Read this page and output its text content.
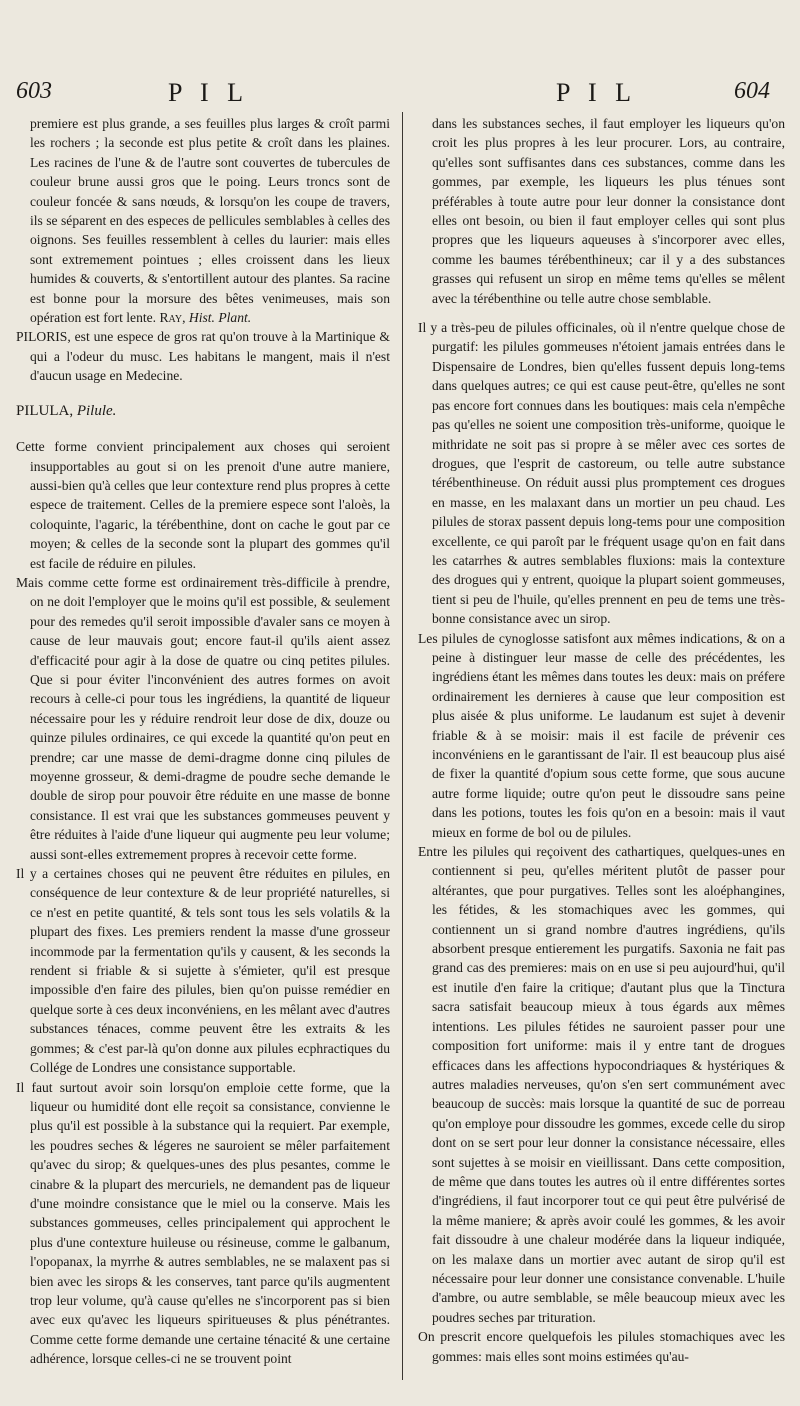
603	P I L	P I L	604

premiere est plus grande, a ses feuilles plus larges & croît parmi les rochers ; la seconde est plus petite & croît dans les plaines. Les racines de l'une & de l'autre sont couvertes de tubercules de couleur brune aussi gros que le poing. Leurs troncs sont de couleur foncée & sans nœuds, & lorsqu'on les coupe de travers, ils se séparent en des especes de pellicules semblables à celles des oignons. Ses feuilles ressemblent à celles du laurier: mais elles sont extremement pointues ; elles croissent dans les lieux humides & couverts, & s'entortillent autour des plantes. Sa racine est bonne pour la morsure des bêtes venimeuses, mais son opération est fort lente. Ray, Hist. Plant.

PILORIS, est une espece de gros rat qu'on trouve à la Martinique & qui a l'odeur du musc. Les habitans le mangent, mais il n'est d'aucun usage en Medecine.

PILULA, Pilule.

Cette forme convient principalement aux choses qui seroient insupportables au gout si on les prenoit d'une autre maniere, aussi-bien qu'à celles que leur contexture rend plus propres à cette espece de traitement. Celles de la premiere espece sont l'aloès, la coloquinte, l'agaric, la térébenthine, dont on cache le gout par ce moyen; & celles de la seconde sont la plupart des gommes qu'il est facile de réduire en pilules.

Mais comme cette forme est ordinairement très-difficile à prendre, on ne doit l'employer que le moins qu'il est possible, & seulement pour des remedes qu'il seroit impossible d'avaler sans ce moyen à cause de leur mauvais gout; encore faut-il qu'ils aient assez d'efficacité pour agir à la dose de quatre ou cinq petites pilules. Que si pour éviter l'inconvénient des autres formes on avoit recours à celle-ci pour tous les ingrédiens, la quantité de liqueur nécessaire pour les y réduire rendroit leur dose de dix, douze ou quinze pilules ordinaires, ce qui excede la quantité qu'on peut en prendre; car une masse de demi-dragme donne cinq pilules de moyenne grosseur, & demi-dragme de poudre seche demande le double de sirop pour pouvoir être réduite en une masse de bonne consistance. Il est vrai que les substances gommeuses peuvent y être réduites à l'aide d'une liqueur qui augmente peu leur volume; aussi sont-elles extremement propres à recevoir cette forme.

Il y a certaines choses qui ne peuvent être réduites en pilules, en conséquence de leur contexture & de leur propriété naturelles, si ce n'est en petite quantité, & tels sont tous les sels volatils & la plupart des fixes. Les premiers rendent la masse d'une grosseur incommode par la fermentation qu'ils y causent, & les seconds la rendent si friable & si sujette à s'émieter, qu'il est presque impossible d'en faire des pilules, bien qu'on puisse remédier en quelque sorte à ces deux inconvéniens, en les mêlant avec d'autres substances ténaces, comme peuvent être les extraits & les gommes; & c'est par-là qu'on donne aux pilules ecphractiques du Collége de Londres une consistance supportable.

Il faut surtout avoir soin lorsqu'on emploie cette forme, que la liqueur ou humidité dont elle reçoit sa consistance, convienne le plus qu'il est possible à la substance qui la requiert. Par exemple, les poudres seches & légeres ne sauroient se mêler parfaitement qu'avec du sirop; & quelques-unes des plus pesantes, comme le cinabre & la plupart des mercuriels, ne demandent pas de liqueur d'une moindre consistance que le miel ou la conserve. Mais les substances gommeuses, celles principalement qui approchent le plus d'une contexture huileuse ou résineuse, comme le galbanum, l'opopanax, la myrrhe & autres semblables, ne se malaxent pas si bien avec les sirops & les conserves, tant parce qu'ils augmentent trop leur volume, qu'à cause qu'elles ne s'incorporent pas si bien avec eux qu'avec les liqueurs spiritueuses & plus pénétrantes. Comme cette forme demande une certaine ténacité & une certaine adhérence, lorsque celles-ci ne se trouvent point

dans les substances seches, il faut employer les liqueurs qu'on croit les plus propres à les leur procurer. Lors, au contraire, qu'elles sont suffisantes dans ces substances, comme dans les gommes, par exemple, les liqueurs les plus ténues sont préférables à toute autre pour leur donner la consistance dont elles ont besoin, ou bien il faut employer celles qui sont plus propres que les liqueurs aqueuses à s'incorporer avec elles, comme les baumes térébenthineux; car il y a des substances grasses qui refusent un sirop en même tems qu'elles se mêlent avec la térébenthine ou telle autre chose semblable.

Il y a très-peu de pilules officinales, où il n'entre quelque chose de purgatif: les pilules gommeuses n'étoient jamais entrées dans le Dispensaire de Londres, bien qu'elles fussent depuis long-tems dans quelques autres; ce qui est cause peut-être, qu'elles ne sont pas encore fort connues dans les boutiques: mais cela n'empêche pas qu'elles ne soient une composition très-uniforme, quoique le mithridate ne soit pas si propre à se mêler avec ces sortes de drogues, que l'esprit de castoreum, ou telle autre substance térébenthineuse. On réduit aussi plus promptement ces drogues en masse, en les malaxant dans un mortier un peu chaud. Les pilules de storax passent depuis long-tems pour une composition excellente, ce qui paroît par le fréquent usage qu'on en fait dans les catarrhes & autres semblables fluxions: mais la contexture des drogues qui y entrent, quoique la plupart soient gommeuses, tient si peu de l'huile, qu'elles prennent en peu de tems une très-bonne consistance avec un sirop.

Les pilules de cynoglosse satisfont aux mêmes indications, & on a peine à distinguer leur masse de celle des précédentes, les ingrédiens étant les mêmes dans toutes les deux: mais on préfere ordinairement les dernieres à cause que leur composition est plus aisée & plus uniforme. Le laudanum est sujet à devenir friable & à se moisir: mais il est facile de prévenir ces inconvéniens en le garantissant de l'air. Il est beaucoup plus aisé de fixer la quantité d'opium sous cette forme, que sous aucune autre forme liquide; outre qu'on peut le dissoudre sans peine dans les potions, toutes les fois qu'on en a besoin: mais il vaut mieux en forme de bol ou de pilules.

Entre les pilules qui reçoivent des cathartiques, quelques-unes en contiennent si peu, qu'elles méritent plutôt de passer pour altérantes, que pour purgatives. Telles sont les aloéphangines, les fétides, & les stomachiques avec les gommes, qui contiennent un si grand nombre d'autres ingrédiens, qu'ils absorbent presque entierement les purgatifs. Saxonia ne fait pas grand cas des premieres: mais on en use si peu aujourd'hui, qu'il est inutile d'en faire la critique; d'autant plus que la Tinctura sacra satisfait beaucoup mieux à tous égards aux mêmes intentions. Les pilules fétides ne sauroient passer pour une composition fort uniforme: mais il y entre tant de drogues efficaces dans les affections hypocondriaques & hystériques & autres maladies nerveuses, qu'on s'en sert communément avec beaucoup de succès: mais lorsque la quantité de suc de porreau qu'on employe pour dissoudre les gommes, excede celle du sirop dont on se sert pour leur donner la consistance nécessaire, elles sont sujettes à se moisir en vieillissant. Dans cette composition, de même que dans toutes les autres où il entre différentes sortes d'ingrédiens, il faut incorporer tout ce qui peut être pulvérisé de la même maniere; & après avoir coulé les gommes, & les avoir fait dissoudre à une chaleur modérée dans la liqueur indiquée, on les malaxe dans un mortier avec autant de sirop qu'il est nécessaire pour leur donner une consistance convenable. L'huile d'ambre, ou autre semblable, se mêle beaucoup mieux avec les poudres seches par trituration.

On prescrit encore quelquefois les pilules stomachiques avec les gommes: mais elles sont moins estimées qu'au-
